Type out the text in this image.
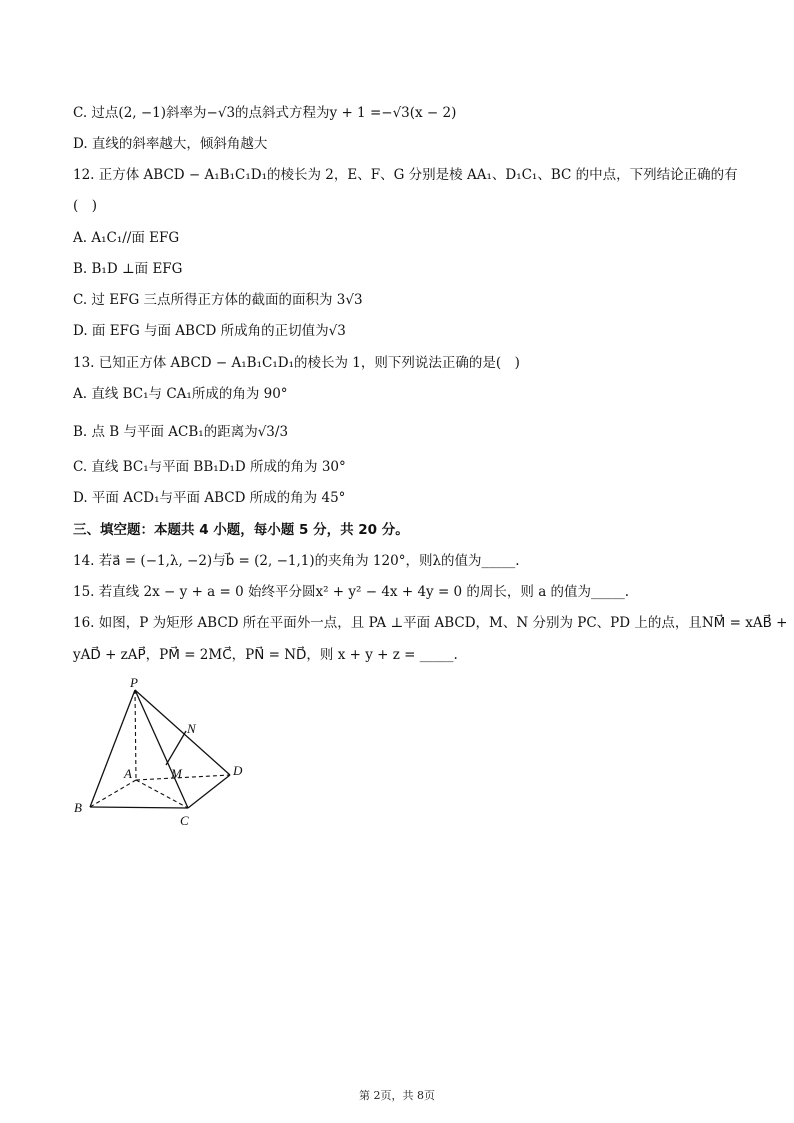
C. 过点(2, −1)斜率为−√3的点斜式方程为y + 1 =−√3(x − 2)
D. 直线的斜率越大，倾斜角越大
12. 正方体 ABCD − A₁B₁C₁D₁的棱长为 2，E、F、G 分别是棱 AA₁、D₁C₁、BC 的中点，下列结论正确的有
(　)
A. A₁C₁//面 EFG
B. B₁D ⊥面 EFG
C. 过 EFG 三点所得正方体的截面的面积为 3√3
D. 面 EFG 与面 ABCD 所成角的正切值为√3
13. 已知正方体 ABCD − A₁B₁C₁D₁的棱长为 1，则下列说法正确的是(　)
A. 直线 BC₁与 CA₁所成的角为 90°
B. 点 B 与平面 ACB₁的距离为√3/3
C. 直线 BC₁与平面 BB₁D₁D 所成的角为 30°
D. 平面 ACD₁与平面 ABCD 所成的角为 45°
三、填空题：本题共 4 小题，每小题 5 分，共 20 分。
14. 若a⃗ = (−1,λ, −2)与b⃗ = (2, −1,1)的夹角为 120°，则λ的值为_____.
15. 若直线 2x − y + a = 0 始终平分圆x² + y² − 4x + 4y = 0 的周长，则 a 的值为_____.
16. 如图，P 为矩形 ABCD 所在平面外一点，且 PA ⊥平面 ABCD，M、N 分别为 PC、PD 上的点，且NM⃗ = xAB⃗ +
yAD⃗ + zAP⃗，PM⃗ = 2MC⃗，PN⃗ = ND⃗，则 x + y + z = _____.
P
N
A	M	D
B
C
第 2页，共 8页
